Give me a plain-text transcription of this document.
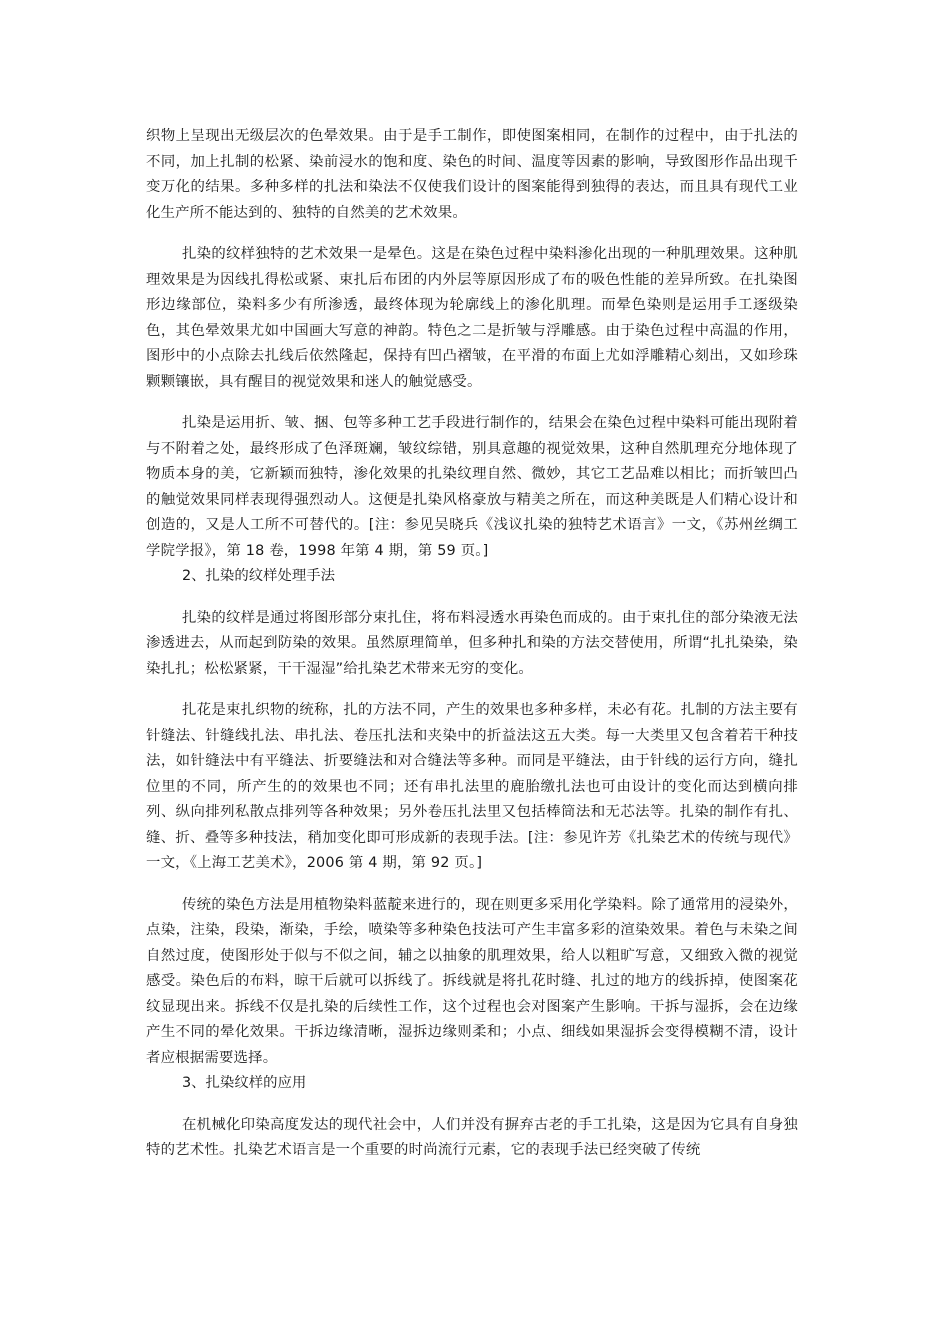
织物上呈现出无级层次的色晕效果。由于是手工制作，即使图案相同，在制作的过程中，由于扎法的不同，加上扎制的松紧、染前浸水的饱和度、染色的时间、温度等因素的影响，导致图形作品出现千变万化的结果。多种多样的扎法和染法不仅使我们设计的图案能得到独得的表达，而且具有现代工业化生产所不能达到的、独特的自然美的艺术效果。

扎染的纹样独特的艺术效果一是晕色。这是在染色过程中染料渗化出现的一种肌理效果。这种肌理效果是为因线扎得松或紧、束扎后布团的内外层等原因形成了布的吸色性能的差异所致。在扎染图形边缘部位，染料多少有所渗透，最终体现为轮廓线上的渗化肌理。而晕色染则是运用手工逐级染色，其色晕效果尤如中国画大写意的神韵。特色之二是折皱与浮雕感。由于染色过程中高温的作用，图形中的小点除去扎线后依然隆起，保持有凹凸褶皱，在平滑的布面上尤如浮雕精心刻出，又如珍珠颗颗镶嵌，具有醒目的视觉效果和迷人的触觉感受。

扎染是运用折、皱、捆、包等多种工艺手段进行制作的，结果会在染色过程中染料可能出现附着与不附着之处，最终形成了色泽斑斓，皱纹综错，别具意趣的视觉效果，这种自然肌理充分地体现了物质本身的美，它新颖而独特，渗化效果的扎染纹理自然、微妙，其它工艺品难以相比；而折皱凹凸的触觉效果同样表现得强烈动人。这便是扎染风格豪放与精美之所在，而这种美既是人们精心设计和创造的，又是人工所不可替代的。[注：参见吴晓兵《浅议扎染的独特艺术语言》一文，《苏州丝绸工学院学报》，第 18 卷，1998 年第 4 期，第 59 页。]

2、扎染的纹样处理手法

扎染的纹样是通过将图形部分束扎住，将布料浸透水再染色而成的。由于束扎住的部分染液无法渗透进去，从而起到防染的效果。虽然原理简单，但多种扎和染的方法交替使用，所谓“扎扎染染，染染扎扎；松松紧紧，干干湿湿”给扎染艺术带来无穷的变化。

扎花是束扎织物的统称，扎的方法不同，产生的效果也多种多样，未必有花。扎制的方法主要有针缝法、针缝线扎法、串扎法、卷压扎法和夹染中的折益法这五大类。每一大类里又包含着若干种技法，如针缝法中有平缝法、折要缝法和对合缝法等多种。而同是平缝法，由于针线的运行方向，缝扎位里的不同，所产生的的效果也不同；还有串扎法里的鹿胎缴扎法也可由设计的变化而达到横向排列、纵向排列私散点排列等各种效果；另外卷压扎法里又包括棒筒法和无芯法等。扎染的制作有扎、缝、折、叠等多种技法，稍加变化即可形成新的表现手法。[注：参见许芳《扎染艺术的传统与现代》一文，《上海工艺美术》，2006 第 4 期，第 92 页。]

传统的染色方法是用植物染料蓝靛来进行的，现在则更多采用化学染料。除了通常用的浸染外，点染，注染，段染，渐染，手绘，喷染等多种染色技法可产生丰富多彩的渲染效果。着色与未染之间自然过度，使图形处于似与不似之间，辅之以抽象的肌理效果，给人以粗旷写意，又细致入微的视觉感受。染色后的布料，晾干后就可以拆线了。拆线就是将扎花时缝、扎过的地方的线拆掉，使图案花纹显现出来。拆线不仅是扎染的后续性工作，这个过程也会对图案产生影响。干拆与湿拆，会在边缘产生不同的晕化效果。干拆边缘清晰，湿拆边缘则柔和；小点、细线如果湿拆会变得模糊不清，设计者应根据需要选择。

3、扎染纹样的应用

在机械化印染高度发达的现代社会中，人们并没有摒弃古老的手工扎染，这是因为它具有自身独特的艺术性。扎染艺术语言是一个重要的时尚流行元素，它的表现手法已经突破了传统
